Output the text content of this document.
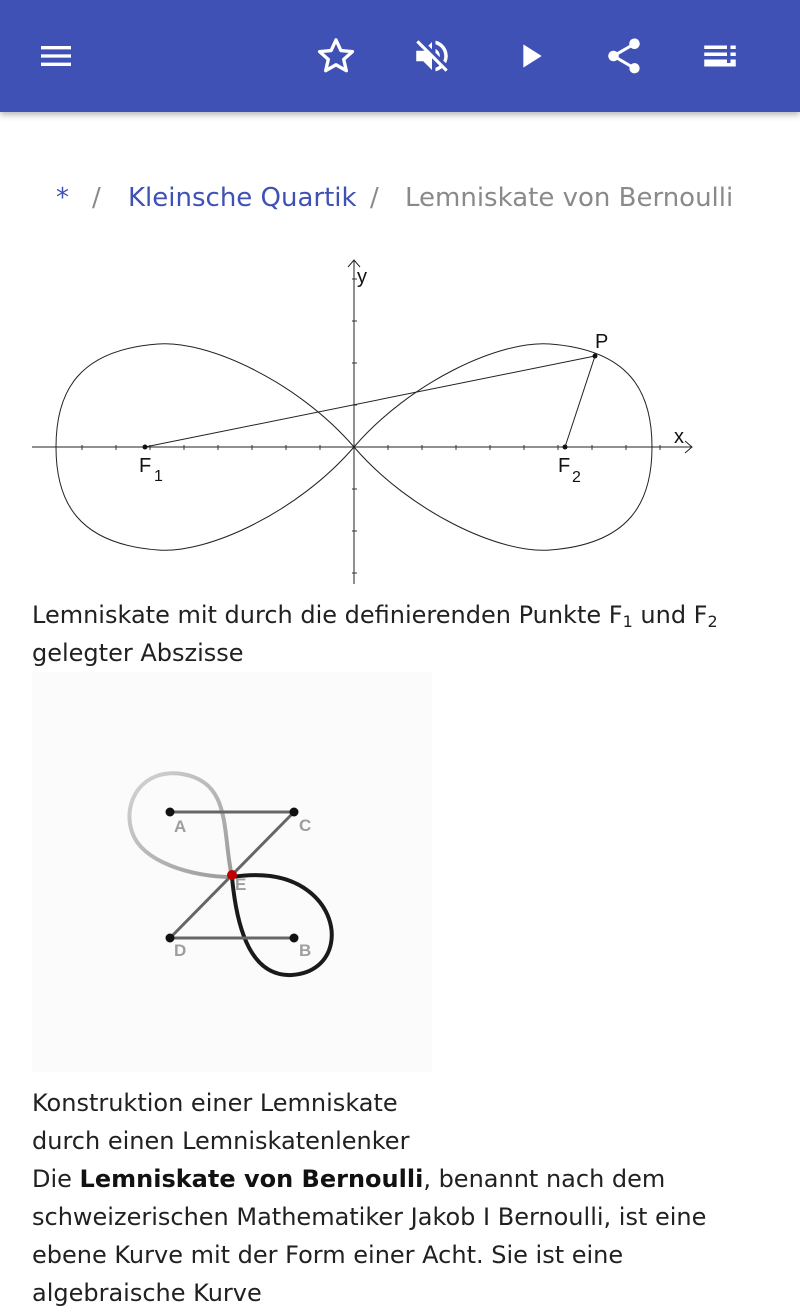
* / Kleinsche Quartik / Lemniskate von Bernoulli
y
x
P
F 1	F
2
Lemniskate mit durch die definierenden Punkte $F_1$ und $F_2$
gelegter Abszisse
A	C
E
D	B
Konstruktion einer Lemniskate
durch einen Lemniskatenlenker
Die Lemniskate von Bernoulli, benannt nach dem schweizerischen Mathematiker Jakob I Bernoulli, ist eine ebene Kurve mit der Form einer Acht. Sie ist eine algebraische Kurve
